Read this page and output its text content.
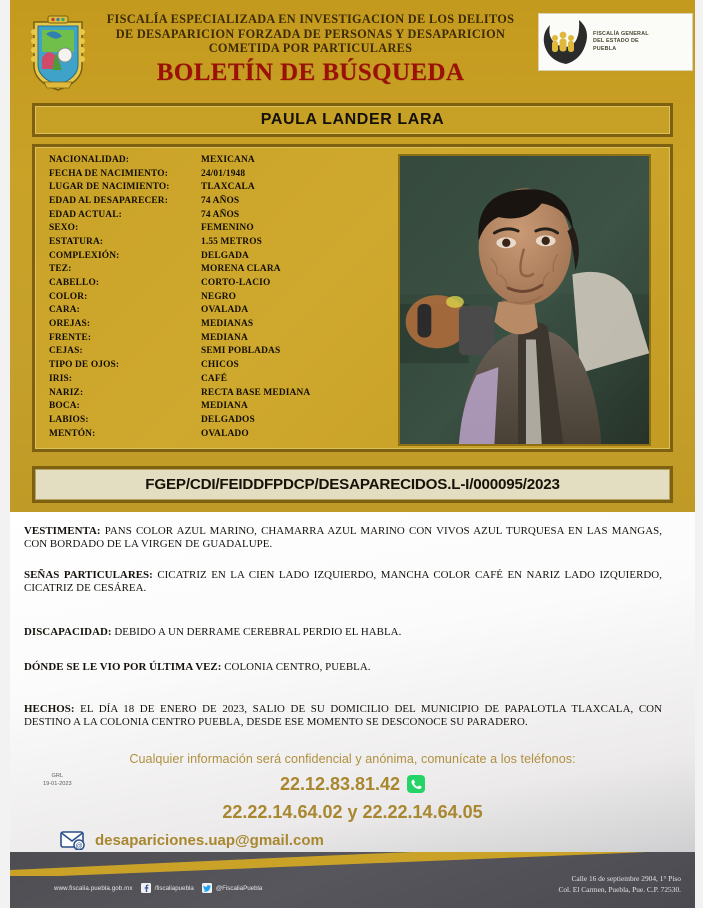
FISCALÍA ESPECIALIZADA EN INVESTIGACION DE LOS DELITOS
DE DESAPARICION FORZADA DE PERSONAS Y DESAPARICION
COMETIDA POR PARTICULARES
BOLETÍN DE BÚSQUEDA
FISCALÍA GENERAL
DEL ESTADO DE
PUEBLA
PAULA LANDER LARA
NACIONALIDAD:	MEXICANA
FECHA DE NACIMIENTO:	24/01/1948
LUGAR DE NACIMIENTO:	TLAXCALA
EDAD AL DESAPARECER:	74 AÑOS
EDAD ACTUAL:	74 AÑOS
SEXO:	FEMENINO
ESTATURA:	1.55 METROS
COMPLEXIÓN:	DELGADA
TEZ:	MORENA CLARA
CABELLO:	CORTO-LACIO
COLOR:	NEGRO
CARA:	OVALADA
OREJAS:	MEDIANAS
FRENTE:	MEDIANA
CEJAS:	SEMI POBLADAS
TIPO DE OJOS:	CHICOS
IRIS:	CAFÉ
NARIZ:	RECTA BASE MEDIANA
BOCA:	MEDIANA
LABIOS:	DELGADOS
MENTÓN:	OVALADO
FGEP/CDI/FEIDDFPDCP/DESAPARECIDOS.L-I/000095/2023
VESTIMENTA: PANS COLOR AZUL MARINO, CHAMARRA AZUL MARINO CON VIVOS AZUL TURQUESA EN LAS MANGAS, CON BORDADO DE LA VIRGEN DE GUADALUPE.
SEÑAS PARTICULARES: CICATRIZ EN LA CIEN LADO IZQUIERDO, MANCHA COLOR CAFÉ EN NARIZ LADO IZQUIERDO, CICATRIZ DE CESÁREA.
DISCAPACIDAD: DEBIDO A UN DERRAME CEREBRAL PERDIO EL HABLA.
DÓNDE SE LE VIO POR ÚLTIMA VEZ: COLONIA CENTRO, PUEBLA.
HECHOS: EL DÍA 18 DE ENERO DE 2023, SALIO DE SU DOMICILIO DEL MUNICIPIO DE PAPALOTLA TLAXCALA, CON DESTINO A LA COLONIA CENTRO PUEBLA, DESDE ESE MOMENTO SE DESCONOCE SU PARADERO.
GRL
19-01-2023
Cualquier información será confidencial y anónima, comunícate a los teléfonos:
22.12.83.81.42
22.22.14.64.02 y 22.22.14.64.05
@ desapariciones.uap@gmail.com
www.fiscalia.puebla.gob.mx	/fiscaliapuebla	@FiscaliaPuebla
Calle 16 de septiembre 2904, 1° Piso
Col. El Carmen, Puebla, Pue. C.P. 72530.
